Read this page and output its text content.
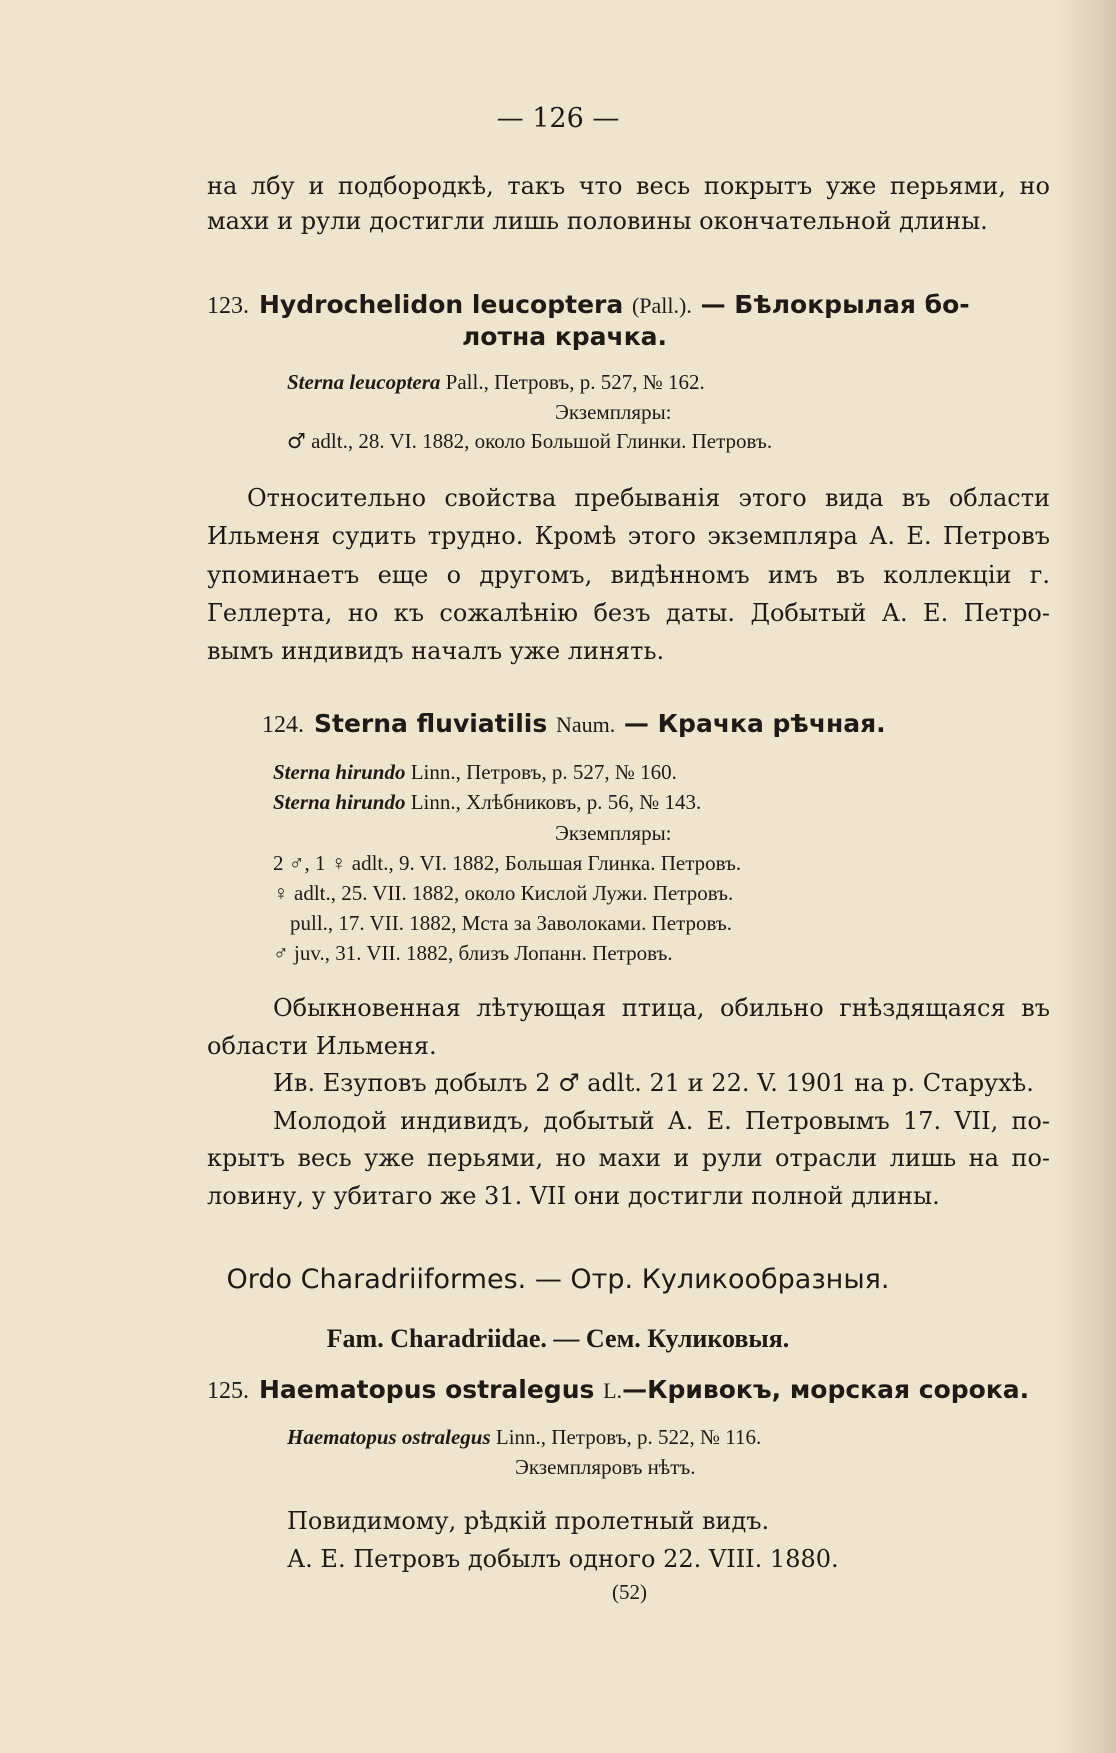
— 126 —
на лбу и подбородкѣ, такъ что весь покрытъ уже перьями, но
махи и рули достигли лишь половины окончательной длины.
123. Hydrochelidon leucoptera (Pall.). — Бѣлокрылая бо-
лотна крачка.
Sterna leucoptera Pall., Петровъ, р. 527, № 162.
Экземпляры:
♂ adlt., 28. VI. 1882, около Большой Глинки. Петровъ.
Относительно свойства пребыванія этого вида въ области
Ильменя судить трудно. Кромѣ этого экземпляра А. Е. Петровъ
упоминаетъ еще о другомъ, видѣнномъ имъ въ коллекціи г.
Геллерта, но къ сожалѣнію безъ даты. Добытый А. Е. Петро-
вымъ индивидъ началъ уже линять.
124. Sterna fluviatilis Naum. — Крачка рѣчная.
Sterna hirundo Linn., Петровъ, р. 527, № 160.
Sterna hirundo Linn., Хлѣбниковъ, р. 56, № 143.
Экземпляры:
2 ♂, 1 ♀ adlt., 9. VI. 1882, Большая Глинка. Петровъ.
♀ adlt., 25. VII. 1882, около Кислой Лужи. Петровъ.
pull., 17. VII. 1882, Мста за Заволоками. Петровъ.
♂ juv., 31. VII. 1882, близъ Лопанн. Петровъ.
Обыкновенная лѣтующая птица, обильно гнѣздящаяся въ
области Ильменя.
Ив. Езуповъ добылъ 2 ♂ adlt. 21 и 22. V. 1901 на р. Старухѣ.
Молодой индивидъ, добытый А. Е. Петровымъ 17. VII, по-
крытъ весь уже перьями, но махи и рули отрасли лишь на по-
ловину, у убитаго же 31. VII они достигли полной длины.
Ordo Charadriiformes. — Отр. Куликообразныя.
Fam. Charadriidae. — Сем. Куликовыя.
125. Haematopus ostralegus L.—Кривокъ, морская сорока.
Haematopus ostralegus Linn., Петровъ, р. 522, № 116.
Экземпляровъ нѣтъ.
Повидимому, рѣдкій пролетный видъ.
А. Е. Петровъ добылъ одного 22. VIII. 1880.
(52)
